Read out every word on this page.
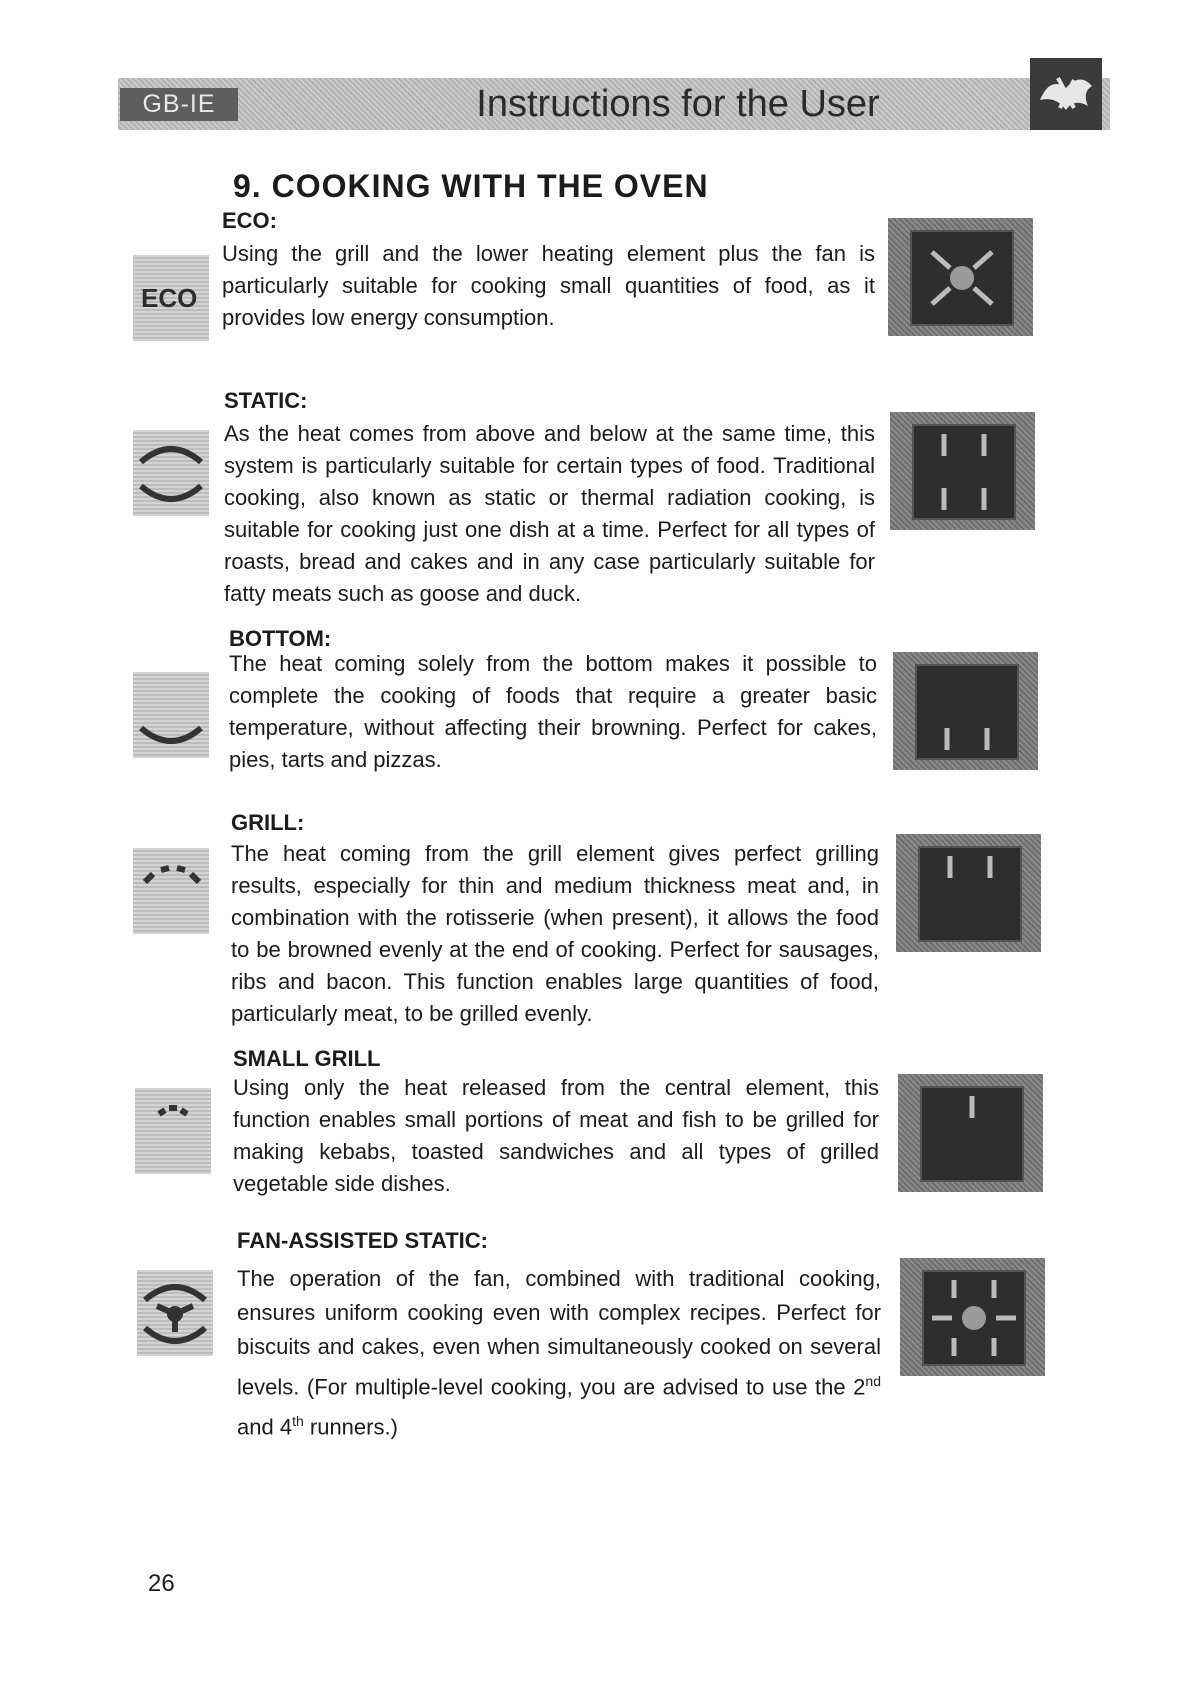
GB-IE	Instructions for the User
9. COOKING WITH THE OVEN
ECO
ECO:

Using the grill and the lower heating element plus the fan is particularly suitable for cooking small quantities of food, as it provides low energy consumption.

STATIC:

As the heat comes from above and below at the same time, this system is particularly suitable for certain types of food. Traditional cooking, also known as static or thermal radiation cooking, is suitable for cooking just one dish at a time. Perfect for all types of roasts, bread and cakes and in any case particularly suitable for fatty meats such as goose and duck.

BOTTOM:

The heat coming solely from the bottom makes it possible to complete the cooking of foods that require a greater basic temperature, without affecting their browning. Perfect for cakes, pies, tarts and pizzas.

GRILL:

The heat coming from the grill element gives perfect grilling results, especially for thin and medium thickness meat and, in combination with the rotisserie (when present), it allows the food to be browned evenly at the end of cooking. Perfect for sausages, ribs and bacon. This function enables large quantities of food, particularly meat, to be grilled evenly.

SMALL GRILL

Using only the heat released from the central element, this function enables small portions of meat and fish to be grilled for making kebabs, toasted sandwiches and all types of grilled vegetable side dishes.

FAN-ASSISTED STATIC:

The operation of the fan, combined with traditional cooking, ensures uniform cooking even with complex recipes. Perfect for biscuits and cakes, even when simultaneously cooked on several levels. (For multiple-level cooking, you are advised to use the 2nd and 4th runners.)

26
